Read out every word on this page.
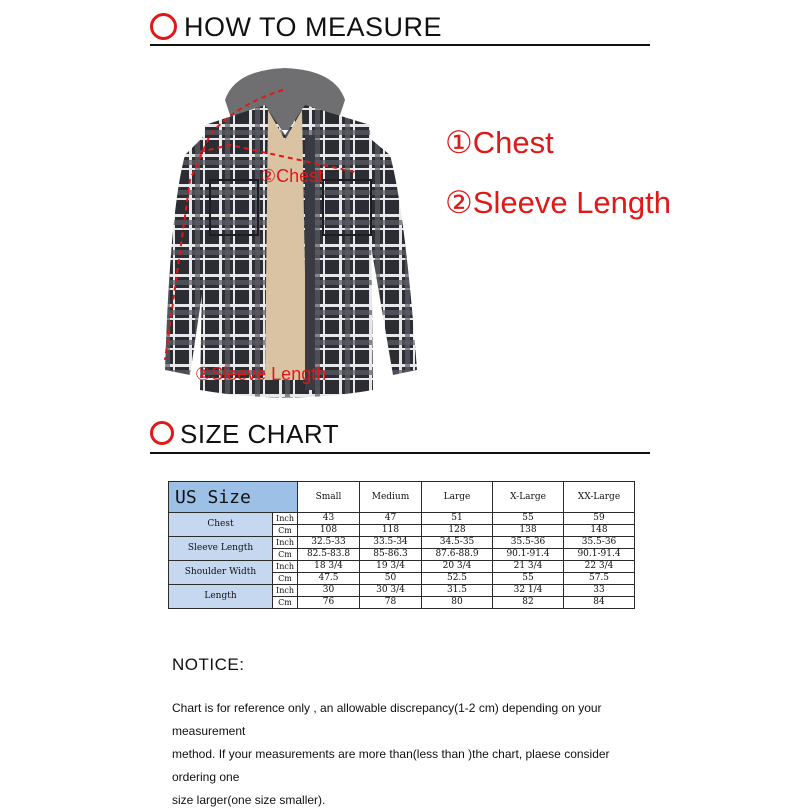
HOW TO MEASURE
②Chest
②Sleeve Length
①Chest
②Sleeve Length
SIZE CHART
US Size		Small	Medium	Large	X-Large	XX-Large
Chest	Inch	43	47	51	55	59
	Cm	108	118	128	138	148
Sleeve Length	Inch	32.5-33	33.5-34	34.5-35	35.5-36	35.5-36
	Cm	82.5-83.8	85-86.3	87.6-88.9	90.1-91.4	90.1-91.4
Shoulder Width	Inch	18 3/4	19 3/4	20 3/4	21 3/4	22 3/4
	Cm	47.5	50	52.5	55	57.5
Length	Inch	30	30 3/4	31.5	32 1/4	33
	Cm	76	78	80	82	84
NOTICE:

Chart is for reference only , an allowable discrepancy(1-2 cm) depending on your measurement

method. If your measurements are more than(less than )the chart, plaese consider ordering one

size larger(one size smaller).
